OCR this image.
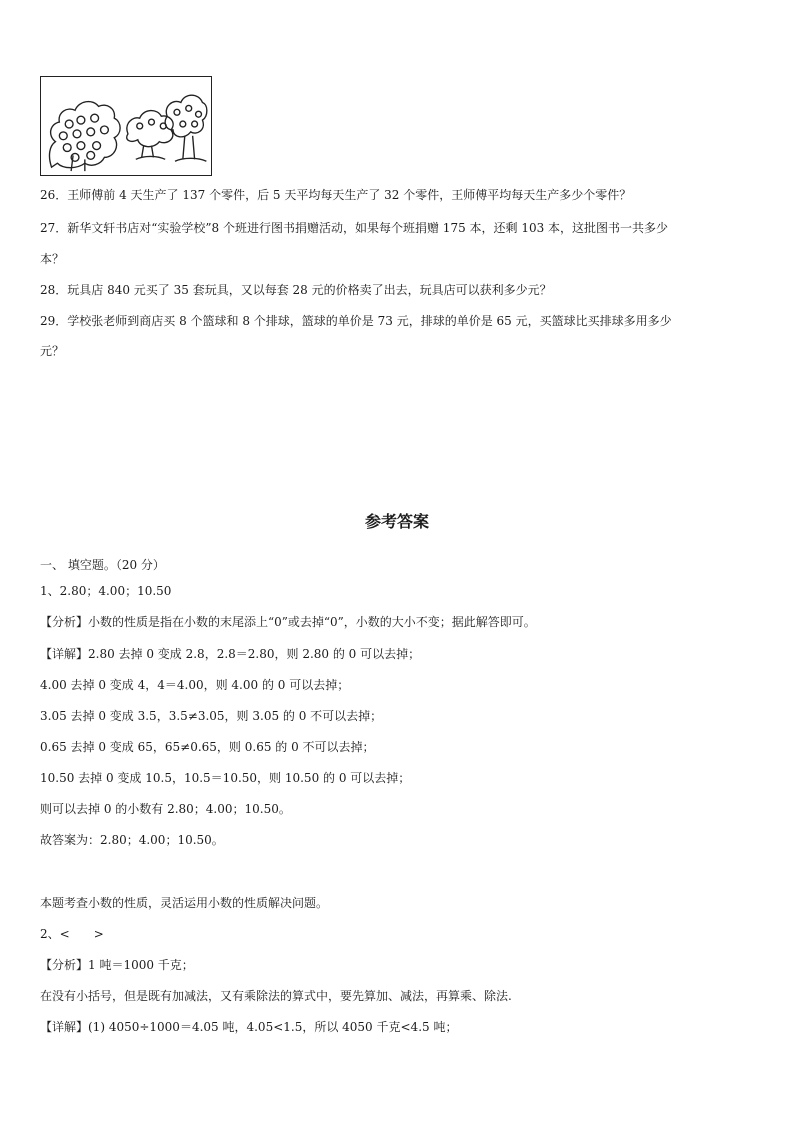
26．王师傅前 4 天生产了 137 个零件，后 5 天平均每天生产了 32 个零件，王师傅平均每天生产多少个零件？
27．新华文轩书店对“实验学校”8 个班进行图书捐赠活动，如果每个班捐赠 175 本，还剩 103 本，这批图书一共多少
本？
28．玩具店 840 元买了 35 套玩具，又以每套 28 元的价格卖了出去，玩具店可以获利多少元？
29．学校张老师到商店买 8 个篮球和 8 个排球，篮球的单价是 73 元，排球的单价是 65 元，买篮球比买排球多用多少
元？
参考答案
一、 填空题。（20 分）
1、2.80；4.00；10.50
【分析】小数的性质是指在小数的末尾添上“0”或去掉“0”，小数的大小不变；据此解答即可。
【详解】2.80 去掉 0 变成 2.8，2.8＝2.80，则 2.80 的 0 可以去掉；
4.00 去掉 0 变成 4，4＝4.00，则 4.00 的 0 可以去掉；
3.05 去掉 0 变成 3.5，3.5≠3.05，则 3.05 的 0 不可以去掉；
0.65 去掉 0 变成 65，65≠0.65，则 0.65 的 0 不可以去掉；
10.50 去掉 0 变成 10.5，10.5＝10.50，则 10.50 的 0 可以去掉；
则可以去掉 0 的小数有 2.80；4.00；10.50。
故答案为：2.80；4.00；10.50。
本题考查小数的性质，灵活运用小数的性质解决问题。
2、<　　>
【分析】1 吨＝1000 千克；
在没有小括号，但是既有加减法，又有乘除法的算式中，要先算加、减法，再算乘、除法.
【详解】(1) 4050÷1000＝4.05 吨，4.05<1.5，所以 4050 千克<4.5 吨；
